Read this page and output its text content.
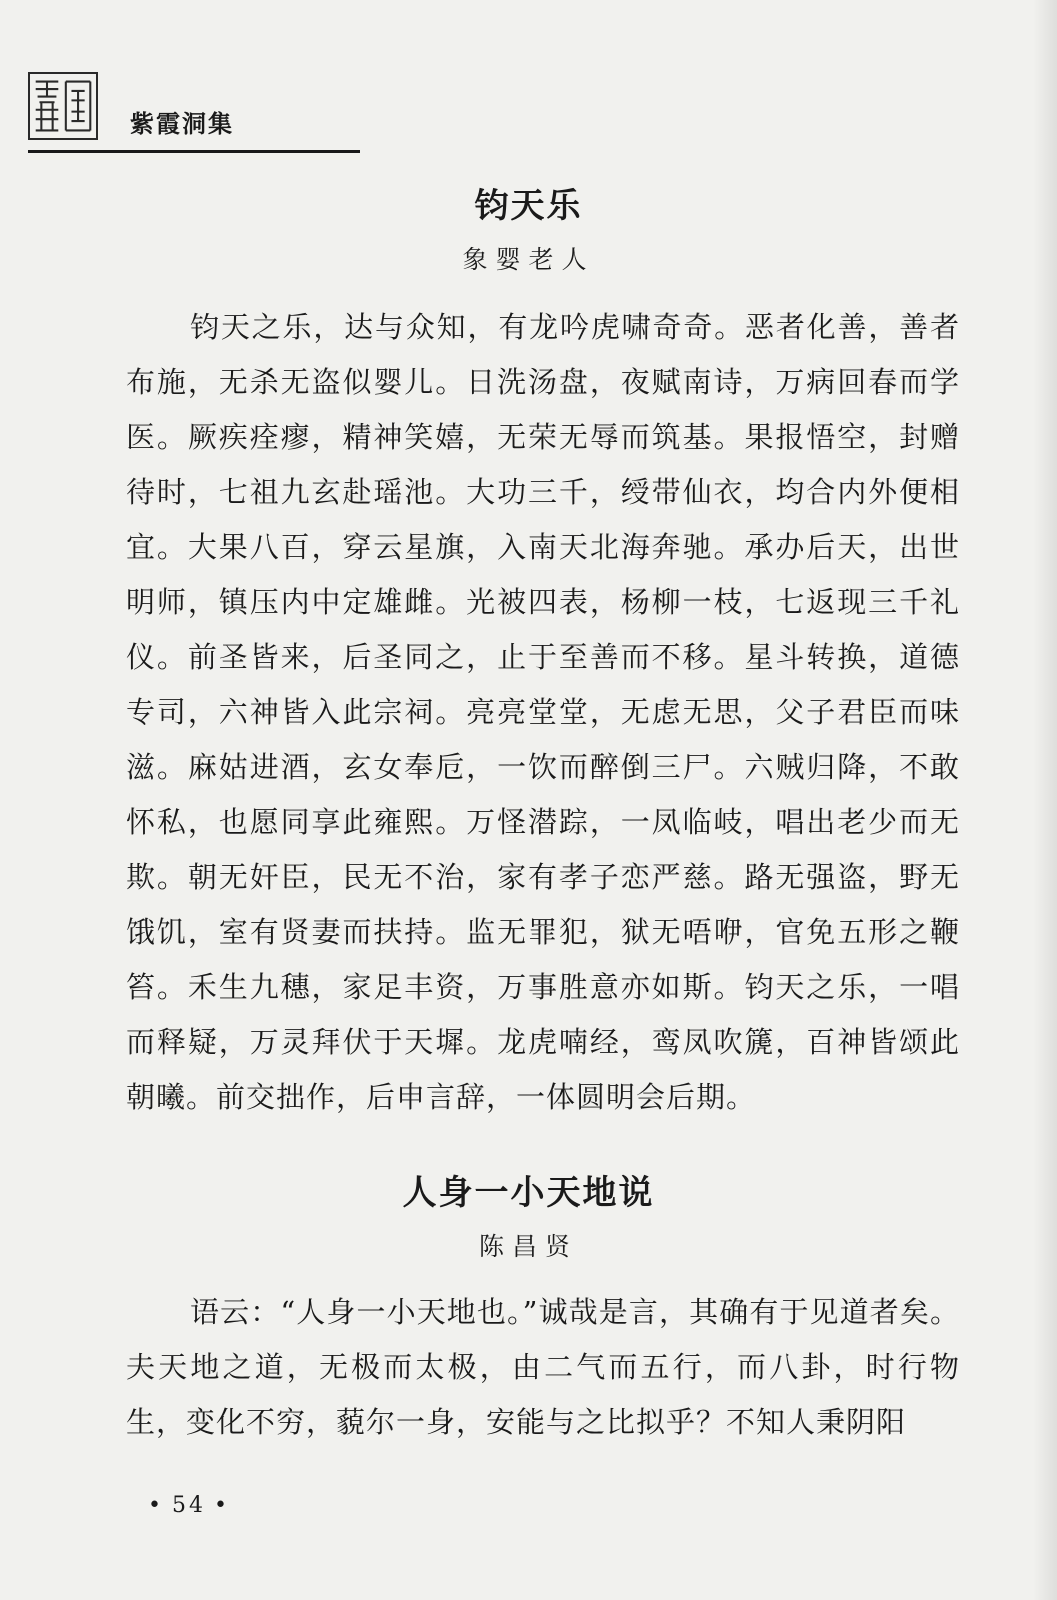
紫霞洞集
钧天乐
象婴老人

钧天之乐，达与众知，有龙吟虎啸奇奇。恶者化善，善者布施，无杀无盗似婴儿。日洗汤盘，夜赋南诗，万病回春而学医。厥疾痊瘳，精神笑嬉，无荣无辱而筑基。果报悟空，封赠待时，七祖九玄赴瑶池。大功三千，绶带仙衣，均合内外便相宜。大果八百，穿云星旗，入南天北海奔驰。承办后天，出世明师，镇压内中定雄雌。光被四表，杨柳一枝，七返现三千礼仪。前圣皆来，后圣同之，止于至善而不移。星斗转换，道德专司，六神皆入此宗祠。亮亮堂堂，无虑无思，父子君臣而味滋。麻姑进酒，玄女奉卮，一饮而醉倒三尸。六贼归降，不敢怀私，也愿同享此雍熙。万怪潜踪，一凤临岐，唱出老少而无欺。朝无奸臣，民无不治，家有孝子恋严慈。路无强盗，野无饿饥，室有贤妻而扶持。监无罪犯，狱无唔咿，官免五形之鞭笞。禾生九穗，家足丰资，万事胜意亦如斯。钧天之乐，一唱而释疑，万灵拜伏于天墀。龙虎喃经，鸾凤吹篪，百神皆颂此朝曦。前交拙作，后申言辞，一体圆明会后期。

人身一小天地说
陈昌贤

语云：“人身一小天地也。”诚哉是言，其确有于见道者矣。夫天地之道，无极而太极，由二气而五行，而八卦，时行物生，变化不穷，藐尔一身，安能与之比拟乎？不知人秉阴阳

• 54 •
